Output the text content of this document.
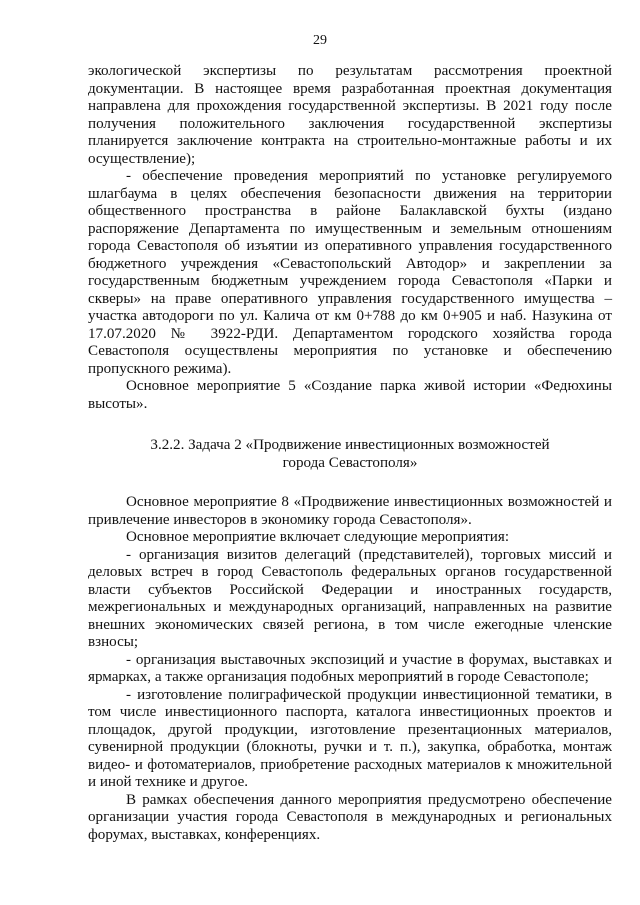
29

экологической экспертизы по результатам рассмотрения проектной документации. В настоящее время разработанная проектная документация направлена для прохождения государственной экспертизы. В 2021 году после получения положительного заключения государственной экспертизы планируется заключение контракта на строительно-монтажные работы и их осуществление);

- обеспечение проведения мероприятий по установке регулируемого шлагбаума в целях обеспечения безопасности движения на территории общественного пространства в районе Балаклавской бухты (издано распоряжение Департамента по имущественным и земельным отношениям города Севастополя об изъятии из оперативного управления государственного бюджетного учреждения «Севастопольский Автодор» и закреплении за государственным бюджетным учреждением города Севастополя «Парки и скверы» на праве оперативного управления государственного имущества – участка автодороги по ул. Калича от км 0+788 до км 0+905 и наб. Назукина от 17.07.2020 № 3922-РДИ. Департаментом городского хозяйства города Севастополя осуществлены мероприятия по установке и обеспечению пропускного режима).

Основное мероприятие 5 «Создание парка живой истории «Федюхины высоты».

3.2.2. Задача 2 «Продвижение инвестиционных возможностей
города Севастополя»

Основное мероприятие 8 «Продвижение инвестиционных возможностей и привлечение инвесторов в экономику города Севастополя».

Основное мероприятие включает следующие мероприятия:

- организация визитов делегаций (представителей), торговых миссий и деловых встреч в город Севастополь федеральных органов государственной власти субъектов Российской Федерации и иностранных государств, межрегиональных и международных организаций, направленных на развитие внешних экономических связей региона, в том числе ежегодные членские взносы;

- организация выставочных экспозиций и участие в форумах, выставках и ярмарках, а также организация подобных мероприятий в городе Севастополе;

- изготовление полиграфической продукции инвестиционной тематики, в том числе инвестиционного паспорта, каталога инвестиционных проектов и площадок, другой продукции, изготовление презентационных материалов, сувенирной продукции (блокноты, ручки и т. п.), закупка, обработка, монтаж видео- и фотоматериалов, приобретение расходных материалов к множительной и иной технике и другое.

В рамках обеспечения данного мероприятия предусмотрено обеспечение организации участия города Севастополя в международных и региональных форумах, выставках, конференциях.
